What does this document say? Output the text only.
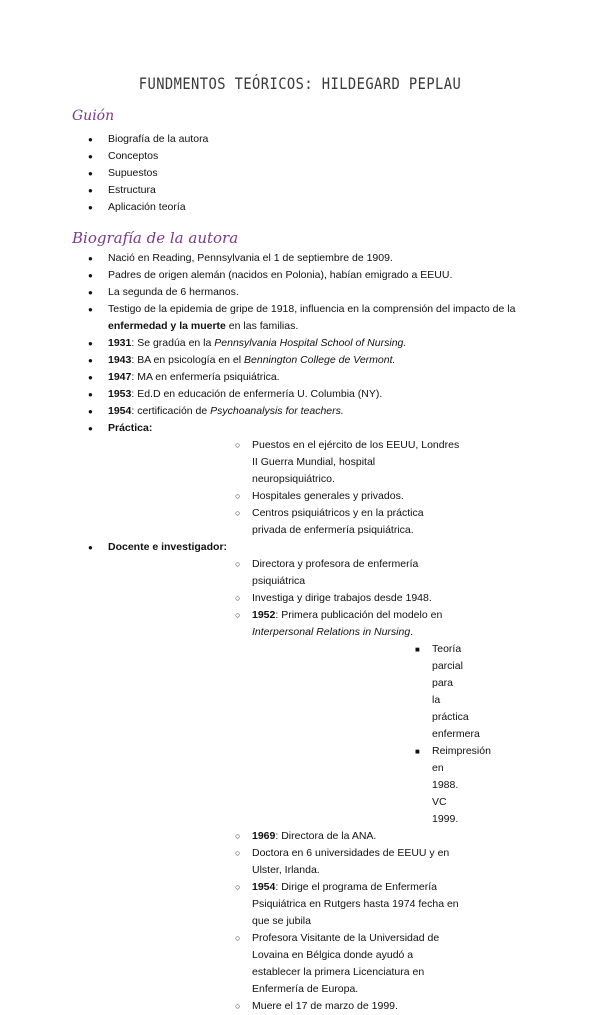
FUNDMENTOS TEÓRICOS: HILDEGARD PEPLAU
Guión
● Biografía de la autora
● Conceptos
● Supuestos
● Estructura
● Aplicación teoría
Biografía de la autora
● Nació en Reading, Pennsylvania el 1 de septiembre de 1909.
● Padres de origen alemán (nacidos en Polonia), habían emigrado a EEUU.
● La segunda de 6 hermanos.
● Testigo de la epidemia de gripe de 1918, influencia en la comprensión del impacto de la enfermedad y la muerte en las familias.
● 1931: Se gradúa en la Pennsylvania Hospital School of Nursing.
● 1943: BA en psicología en el Bennington College de Vermont.
● 1947: MA en enfermería psiquiátrica.
● 1953: Ed.D en educación de enfermería U. Columbia (NY).
● 1954: certificación de Psychoanalysis for teachers.
● Práctica:
○ Puestos en el ejército de los EEUU, Londres II Guerra Mundial, hospital neuropsiquiátrico.
○ Hospitales generales y privados.
○ Centros psiquiátricos y en la práctica privada de enfermería psiquiátrica.
● Docente e investigador:
○ Directora y profesora de enfermería psiquiátrica
○ Investiga y dirige trabajos desde 1948.
○ 1952: Primera publicación del modelo en Interpersonal Relations in Nursing.
■ Teoría parcial para la práctica enfermera
■ Reimpresión en 1988. VC 1999.
○ 1969: Directora de la ANA.
○ Doctora en 6 universidades de EEUU y en Ulster, Irlanda.
○ 1954: Dirige el programa de Enfermería Psiquiátrica en Rutgers hasta 1974 fecha en que se jubila
○ Profesora Visitante de la Universidad de Lovaina en Bélgica donde ayudó a establecer la primera Licenciatura en Enfermería de Europa.
○ Muere el 17 de marzo de 1999.
